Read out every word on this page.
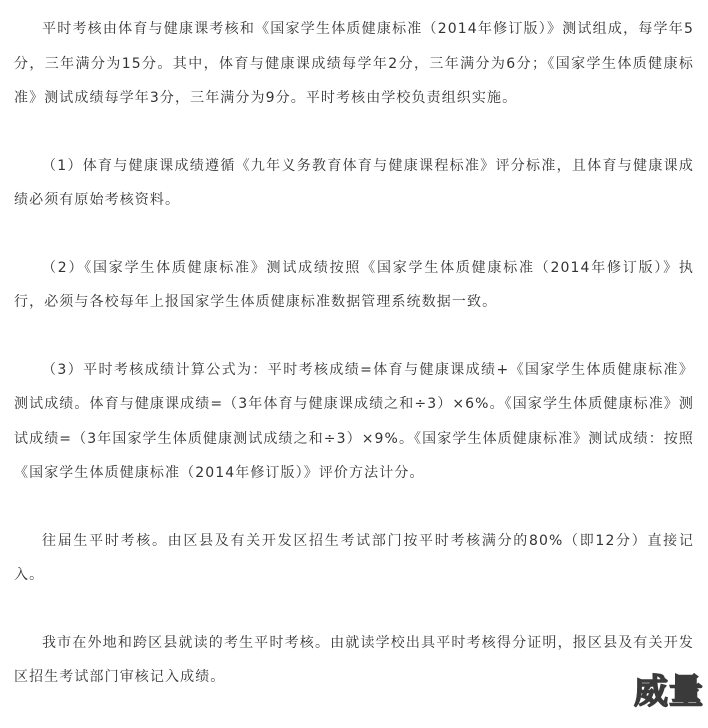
平时考核由体育与健康课考核和《国家学生体质健康标准（2014年修订版）》测试组成，每学年5分，三年满分为15分。其中，体育与健康课成绩每学年2分，三年满分为6分；《国家学生体质健康标准》测试成绩每学年3分，三年满分为9分。平时考核由学校负责组织实施。

（1）体育与健康课成绩遵循《九年义务教育体育与健康课程标准》评分标准，且体育与健康课成绩必须有原始考核资料。

（2）《国家学生体质健康标准》测试成绩按照《国家学生体质健康标准（2014年修订版）》执行，必须与各校每年上报国家学生体质健康标准数据管理系统数据一致。

（3）平时考核成绩计算公式为：平时考核成绩=体育与健康课成绩+《国家学生体质健康标准》测试成绩。体育与健康课成绩=（3年体育与健康课成绩之和÷3）×6%。《国家学生体质健康标准》测试成绩=（3年国家学生体质健康测试成绩之和÷3）×9%。《国家学生体质健康标准》测试成绩：按照《国家学生体质健康标准（2014年修订版）》评价方法计分。

往届生平时考核。由区县及有关开发区招生考试部门按平时考核满分的80%（即12分）直接记入。

我市在外地和跨区县就读的考生平时考核。由就读学校出具平时考核得分证明，报区县及有关开发区招生考试部门审核记入成绩。	威量
